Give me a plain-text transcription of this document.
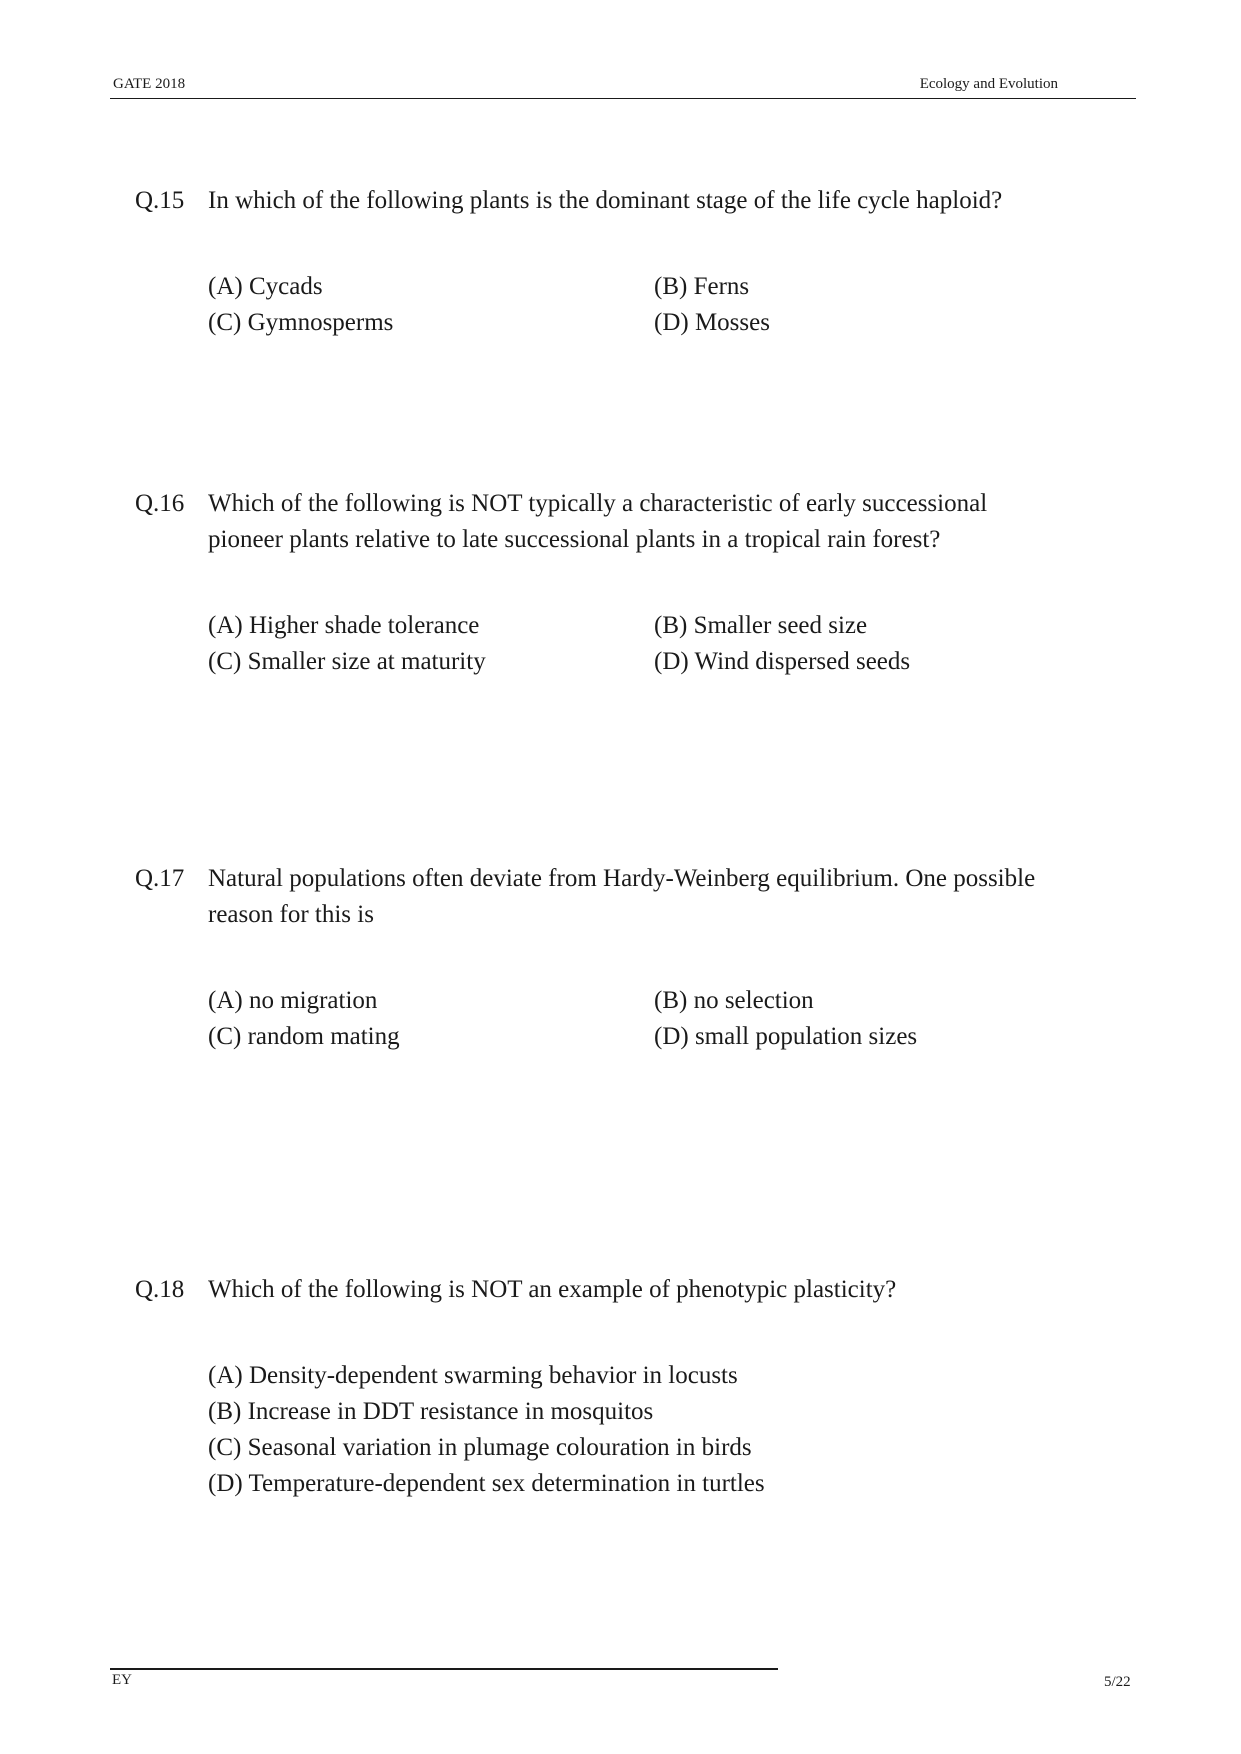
GATE 2018	Ecology and Evolution
Q.15 In which of the following plants is the dominant stage of the life cycle haploid?
(A) Cycads	(B) Ferns
(C) Gymnosperms	(D) Mosses
Q.16 Which of the following is NOT typically a characteristic of early successional
pioneer plants relative to late successional plants in a tropical rain forest?
(A) Higher shade tolerance	(B) Smaller seed size
(C) Smaller size at maturity	(D) Wind dispersed seeds
Q.17 Natural populations often deviate from Hardy-Weinberg equilibrium. One possible
reason for this is
(A) no migration	(B) no selection
(C) random mating	(D) small population sizes
Q.18 Which of the following is NOT an example of phenotypic plasticity?
(A) Density-dependent swarming behavior in locusts
(B) Increase in DDT resistance in mosquitos
(C) Seasonal variation in plumage colouration in birds
(D) Temperature-dependent sex determination in turtles
EY	5/22
